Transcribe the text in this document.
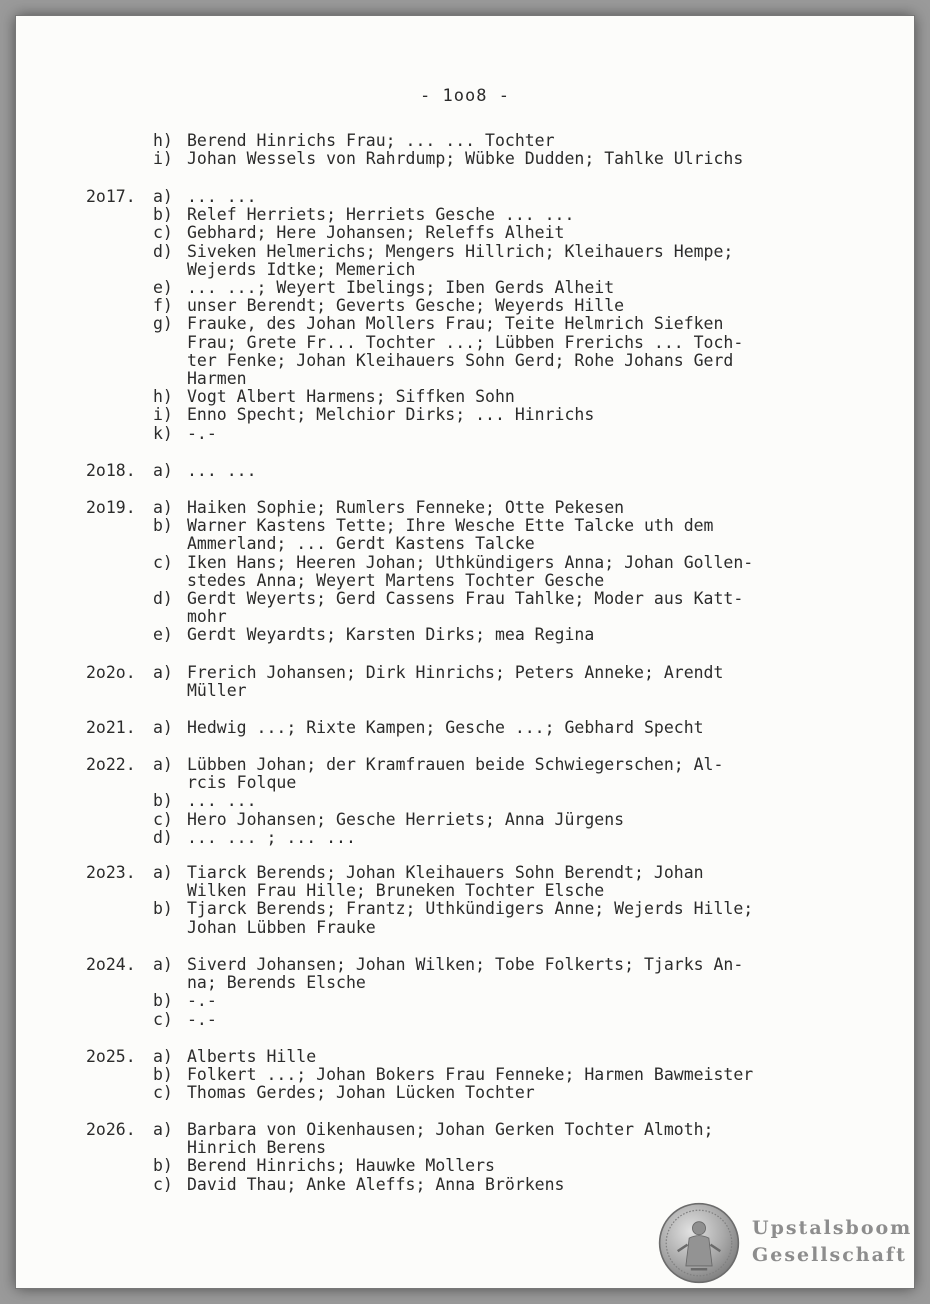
- 1oo8 -
h) Berend Hinrichs Frau; ... ... Tochter
i) Johan Wessels von Rahrdump; Wübke Dudden; Tahlke Ulrichs
2o17. a) ... ...
b) Relef Herriets; Herriets Gesche ... ...
c) Gebhard; Here Johansen; Releffs Alheit
d) Siveken Helmerichs; Mengers Hillrich; Kleihauers Hempe;
Wejerds Idtke; Memerich
e) ... ...; Weyert Ibelings; Iben Gerds Alheit
f) unser Berendt; Geverts Gesche; Weyerds Hille
g) Frauke, des Johan Mollers Frau; Teite Helmrich Siefken
Frau; Grete Fr... Tochter ...; Lübben Frerichs ... Toch-
ter Fenke; Johan Kleihauers Sohn Gerd; Rohe Johans Gerd
Harmen
h) Vogt Albert Harmens; Siffken Sohn
i) Enno Specht; Melchior Dirks; ... Hinrichs
k) -.-
2o18. a) ... ...
2o19. a) Haiken Sophie; Rumlers Fenneke; Otte Pekesen
b) Warner Kastens Tette; Ihre Wesche Ette Talcke uth dem
Ammerland; ... Gerdt Kastens Talcke
c) Iken Hans; Heeren Johan; Uthkündigers Anna; Johan Gollen-
stedes Anna; Weyert Martens Tochter Gesche
d) Gerdt Weyerts; Gerd Cassens Frau Tahlke; Moder aus Katt-
mohr
e) Gerdt Weyardts; Karsten Dirks; mea Regina
2o2o. a) Frerich Johansen; Dirk Hinrichs; Peters Anneke; Arendt
Müller
2o21. a) Hedwig ...; Rixte Kampen; Gesche ...; Gebhard Specht
2o22. a) Lübben Johan; der Kramfrauen beide Schwiegerschen; Al-
rcis Folque
b) ... ...
c) Hero Johansen; Gesche Herriets; Anna Jürgens
d) ... ... ; ... ...
2o23. a) Tiarck Berends; Johan Kleihauers Sohn Berendt; Johan
Wilken Frau Hille; Bruneken Tochter Elsche
b) Tjarck Berends; Frantz; Uthkündigers Anne; Wejerds Hille;
Johan Lübben Frauke
2o24. a) Siverd Johansen; Johan Wilken; Tobe Folkerts; Tjarks An-
na; Berends Elsche
b) -.-
c) -.-
2o25. a) Alberts Hille
b) Folkert ...; Johan Bokers Frau Fenneke; Harmen Bawmeister
c) Thomas Gerdes; Johan Lücken Tochter
2o26. a) Barbara von Oikenhausen; Johan Gerken Tochter Almoth;
Hinrich Berens
b) Berend Hinrichs; Hauwke Mollers
c) David Thau; Anke Aleffs; Anna Brörkens
Upstalsboom
Gesellschaft
